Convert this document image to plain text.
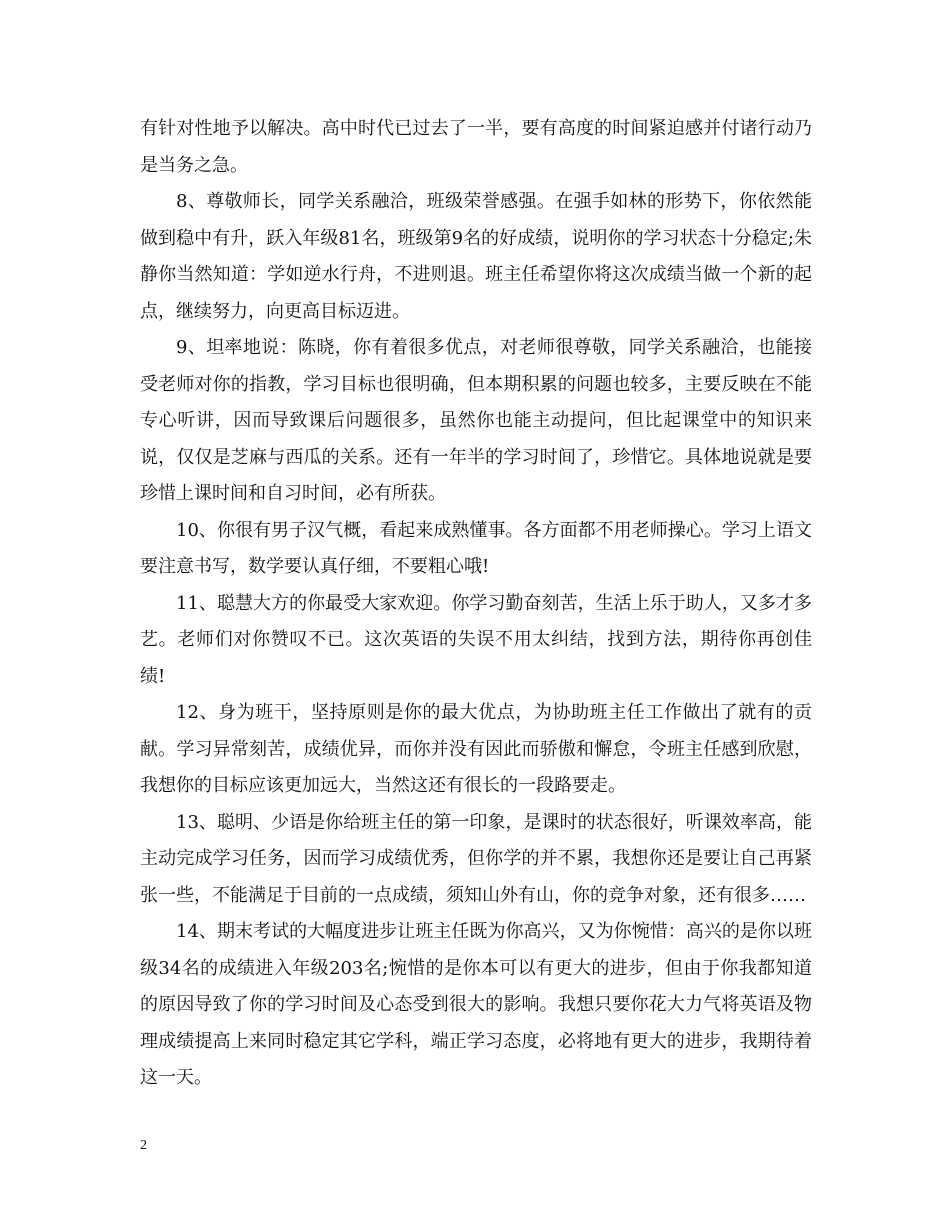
有针对性地予以解决。高中时代已过去了一半，要有高度的时间紧迫感并付诸行动乃是当务之急。

8、尊敬师长，同学关系融洽，班级荣誉感强。在强手如林的形势下，你依然能做到稳中有升，跃入年级81名，班级第9名的好成绩，说明你的学习状态十分稳定;朱静你当然知道：学如逆水行舟，不进则退。班主任希望你将这次成绩当做一个新的起点，继续努力，向更高目标迈进。

9、坦率地说：陈晓，你有着很多优点，对老师很尊敬，同学关系融洽，也能接受老师对你的指教，学习目标也很明确，但本期积累的问题也较多，主要反映在不能专心听讲，因而导致课后问题很多，虽然你也能主动提问，但比起课堂中的知识来说，仅仅是芝麻与西瓜的关系。还有一年半的学习时间了，珍惜它。具体地说就是要珍惜上课时间和自习时间，必有所获。

10、你很有男子汉气概，看起来成熟懂事。各方面都不用老师操心。学习上语文要注意书写，数学要认真仔细，不要粗心哦!

11、聪慧大方的你最受大家欢迎。你学习勤奋刻苦，生活上乐于助人，又多才多艺。老师们对你赞叹不已。这次英语的失误不用太纠结，找到方法，期待你再创佳绩!

12、身为班干，坚持原则是你的最大优点，为协助班主任工作做出了就有的贡献。学习异常刻苦，成绩优异，而你并没有因此而骄傲和懈怠，令班主任感到欣慰，我想你的目标应该更加远大，当然这还有很长的一段路要走。

13、聪明、少语是你给班主任的第一印象，是课时的状态很好，听课效率高，能主动完成学习任务，因而学习成绩优秀，但你学的并不累，我想你还是要让自己再紧张一些，不能满足于目前的一点成绩，须知山外有山，你的竞争对象，还有很多……

14、期末考试的大幅度进步让班主任既为你高兴，又为你惋惜：高兴的是你以班级34名的成绩进入年级203名;惋惜的是你本可以有更大的进步，但由于你我都知道的原因导致了你的学习时间及心态受到很大的影响。我想只要你花大力气将英语及物理成绩提高上来同时稳定其它学科，端正学习态度，必将地有更大的进步，我期待着这一天。

2
